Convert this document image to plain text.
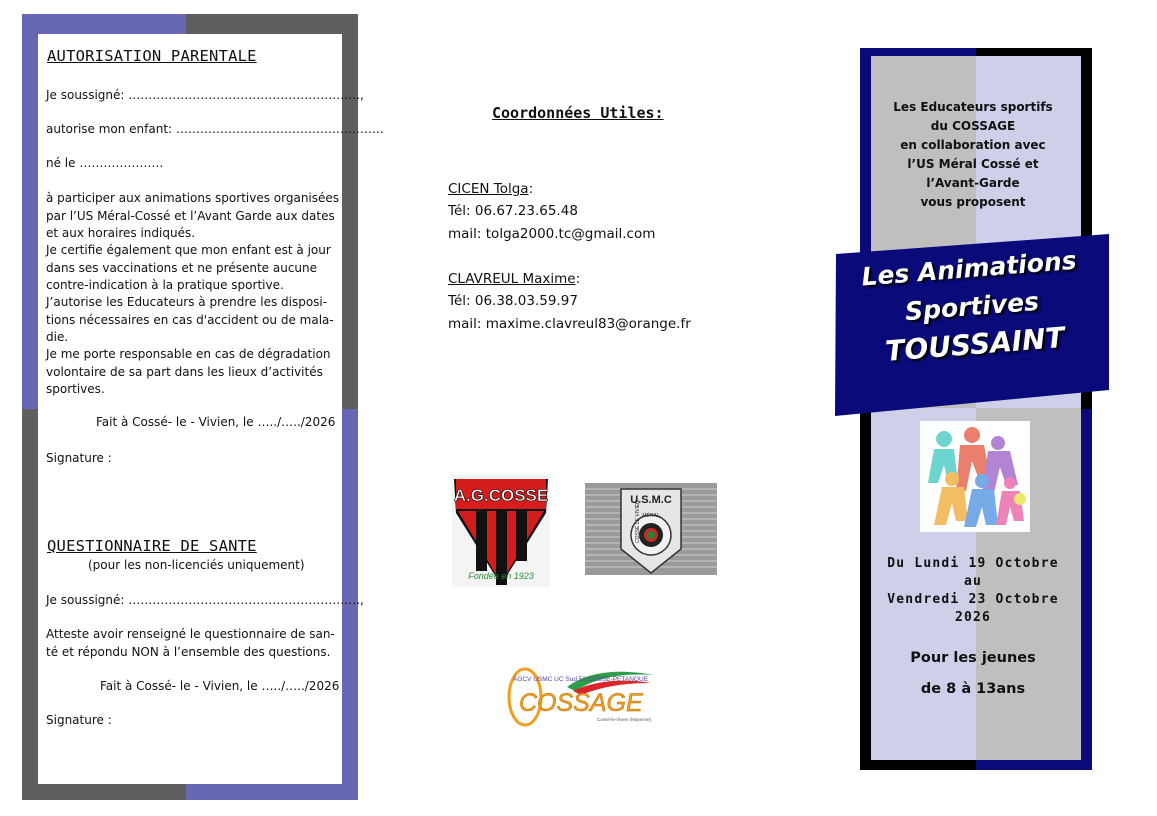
AUTORISATION PARENTALE
Je soussigné: ………………………………………………….,
autorise mon enfant: …………………………………………….
né le …………………
à participer aux animations sportives organisées
par l’US Méral-Cossé et l’Avant Garde aux dates
et aux horaires indiqués.
Je certifie également que mon enfant est à jour
dans ses vaccinations et ne présente aucune
contre-indication à la pratique sportive.
J’autorise les Educateurs à prendre les disposi-
tions nécessaires en cas d'accident ou de mala-
die.
Je me porte responsable en cas de dégradation
volontaire de sa part dans les lieux d’activités
sportives.
Fait à Cossé- le - Vivien, le …../…../2026
Signature :
QUESTIONNAIRE DE SANTE
(pour les non-licenciés uniquement)
Je soussigné: ………………………………………………….,
Atteste avoir renseigné le questionnaire de san-
té et répondu NON à l’ensemble des questions.
Fait à Cossé- le - Vivien, le …../…../2026
Signature :
Coordonnées Utiles:
CICEN Tolga:
Tél: 06.67.23.65.48
mail: tolga2000.tc@gmail.com
CLAVREUL Maxime:
Tél: 06.38.03.59.97
mail: maxime.clavreul83@orange.fr
A.G.COSSE
Fondée en 1923
U.S.M.C
MÉRAL
COSSÉ LE VIVIEN
AGCV USMC UC Sud 53 COSSE-PETANQUE
COSSAGE
Cossé-le-Vivien (Mayenne)
Les Educateurs sportifs
du COSSAGE
en collaboration avec
l’US Méral Cossé et
l’Avant-Garde
vous proposent
Les Animations
Sportives
TOUSSAINT
Du Lundi 19 Octobre
au
Vendredi 23 Octobre
2026
Pour les jeunes
de 8 à 13ans
